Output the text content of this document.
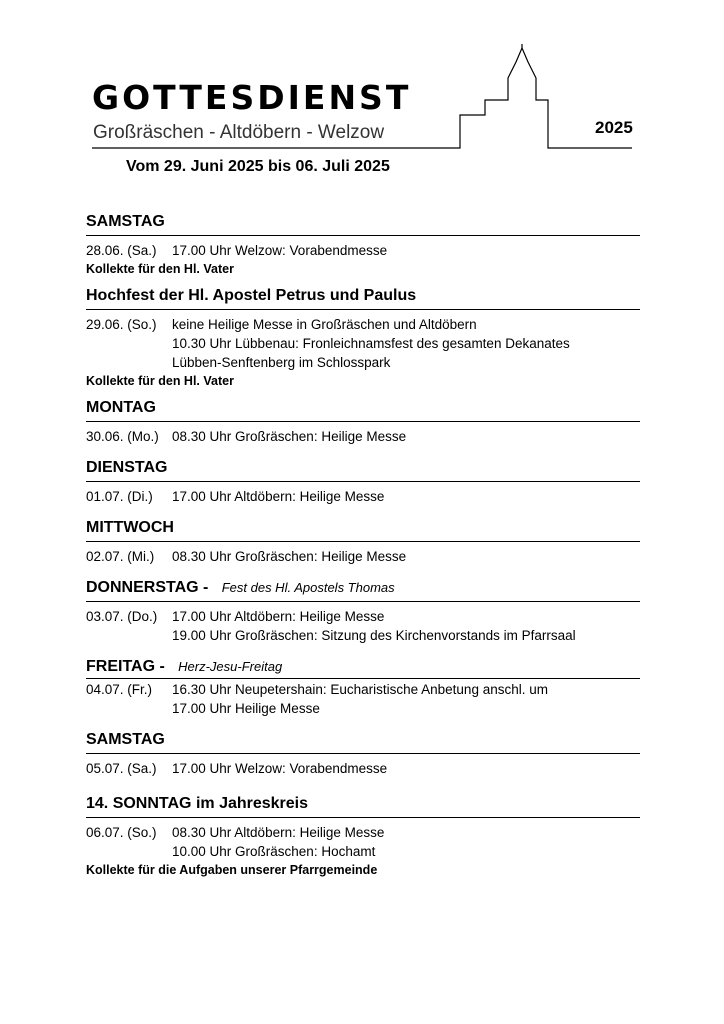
GOTTESDIENST
Großräschen - Altdöbern - Welzow	2025
Vom 29. Juni 2025 bis 06. Juli 2025
SAMSTAG
28.06. (Sa.)	17.00 Uhr Welzow: Vorabendmesse
Kollekte für den Hl. Vater
Hochfest der Hl. Apostel Petrus und Paulus
29.06. (So.)	keine Heilige Messe in Großräschen und Altdöbern
10.30 Uhr Lübbenau: Fronleichnamsfest des gesamten Dekanates
Lübben-Senftenberg im Schlosspark
Kollekte für den Hl. Vater
MONTAG
30.06. (Mo.) 08.30 Uhr Großräschen: Heilige Messe
DIENSTAG
01.07. (Di.)	17.00 Uhr Altdöbern: Heilige Messe
MITTWOCH
02.07. (Mi.)	08.30 Uhr Großräschen: Heilige Messe
DONNERSTAG - Fest des Hl. Apostels Thomas
03.07. (Do.)	17.00 Uhr Altdöbern: Heilige Messe
19.00 Uhr Großräschen: Sitzung des Kirchenvorstands im Pfarrsaal
FREITAG - Herz-Jesu-Freitag
04.07. (Fr.)	16.30 Uhr Neupetershain: Eucharistische Anbetung anschl. um
17.00 Uhr Heilige Messe
SAMSTAG
05.07. (Sa.)	17.00 Uhr Welzow: Vorabendmesse
14. SONNTAG im Jahreskreis
06.07. (So.)	08.30 Uhr Altdöbern: Heilige Messe
10.00 Uhr Großräschen: Hochamt
Kollekte für die Aufgaben unserer Pfarrgemeinde
